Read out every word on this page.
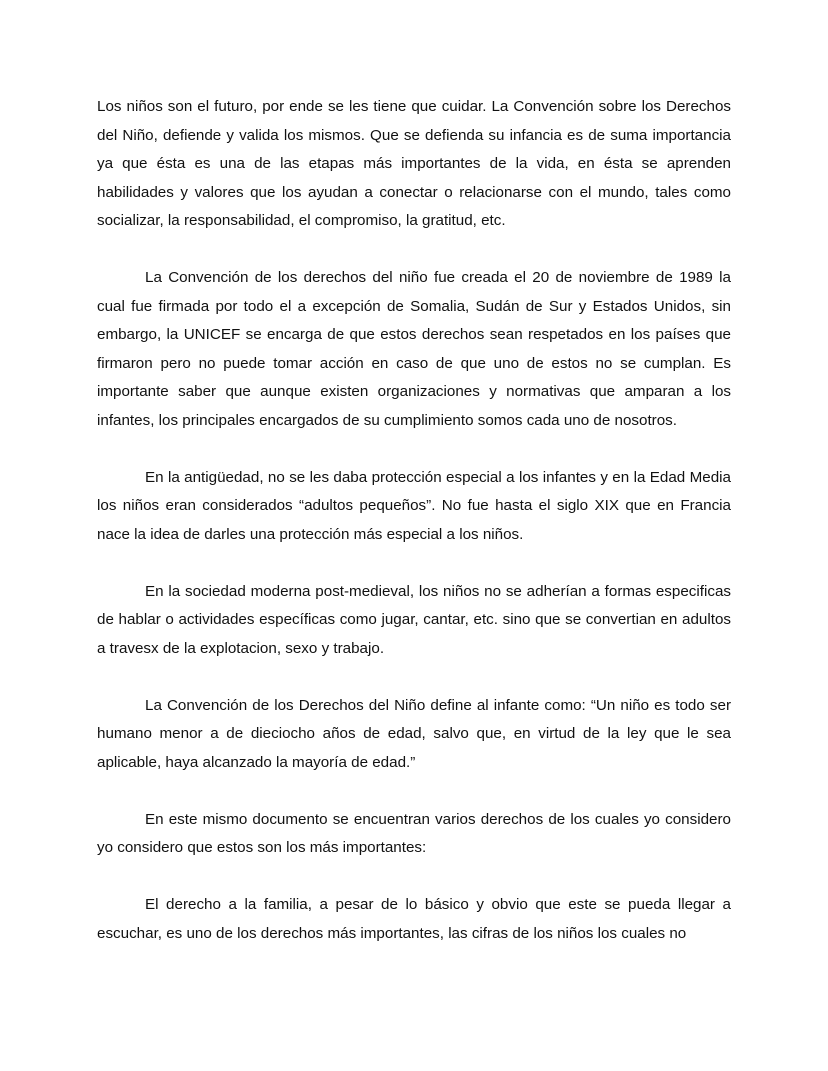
Los niños son el futuro, por ende se les tiene que cuidar. La Convención sobre los Derechos del Niño, defiende y valida los mismos. Que se defienda su infancia es de suma importancia ya que ésta es una de las etapas más importantes de la vida, en ésta se aprenden habilidades y valores que los ayudan a conectar o relacionarse con el mundo, tales como socializar, la responsabilidad, el compromiso, la gratitud, etc.

La Convención de los derechos del niño fue creada el 20 de noviembre de 1989 la cual fue firmada por todo el a excepción de Somalia, Sudán de Sur y Estados Unidos, sin embargo, la UNICEF se encarga de que estos derechos sean respetados en los países que firmaron pero no puede tomar acción en caso de que uno de estos no se cumplan. Es importante saber que aunque existen organizaciones y normativas que amparan a los infantes, los principales encargados de su cumplimiento somos cada uno de nosotros.

En la antigüedad, no se les daba protección especial a los infantes y en la Edad Media los niños eran considerados “adultos pequeños”. No fue hasta el siglo XIX que en Francia nace la idea de darles una protección más especial a los niños.

En la sociedad moderna post-medieval, los niños no se adherían a formas especificas de hablar o actividades específicas como jugar, cantar, etc. sino que se convertian en adultos a travesx de la explotacion, sexo y trabajo.

La Convención de los Derechos del Niño define al infante como: “Un niño es todo ser humano menor a de dieciocho años de edad, salvo que, en virtud de la ley que le sea aplicable, haya alcanzado la mayoría de edad.”

En este mismo documento se encuentran varios derechos de los cuales yo considero yo considero que estos son los más importantes:

El derecho a la familia, a pesar de lo básico y obvio que este se pueda llegar a escuchar, es uno de los derechos más importantes, las cifras de los niños los cuales no
